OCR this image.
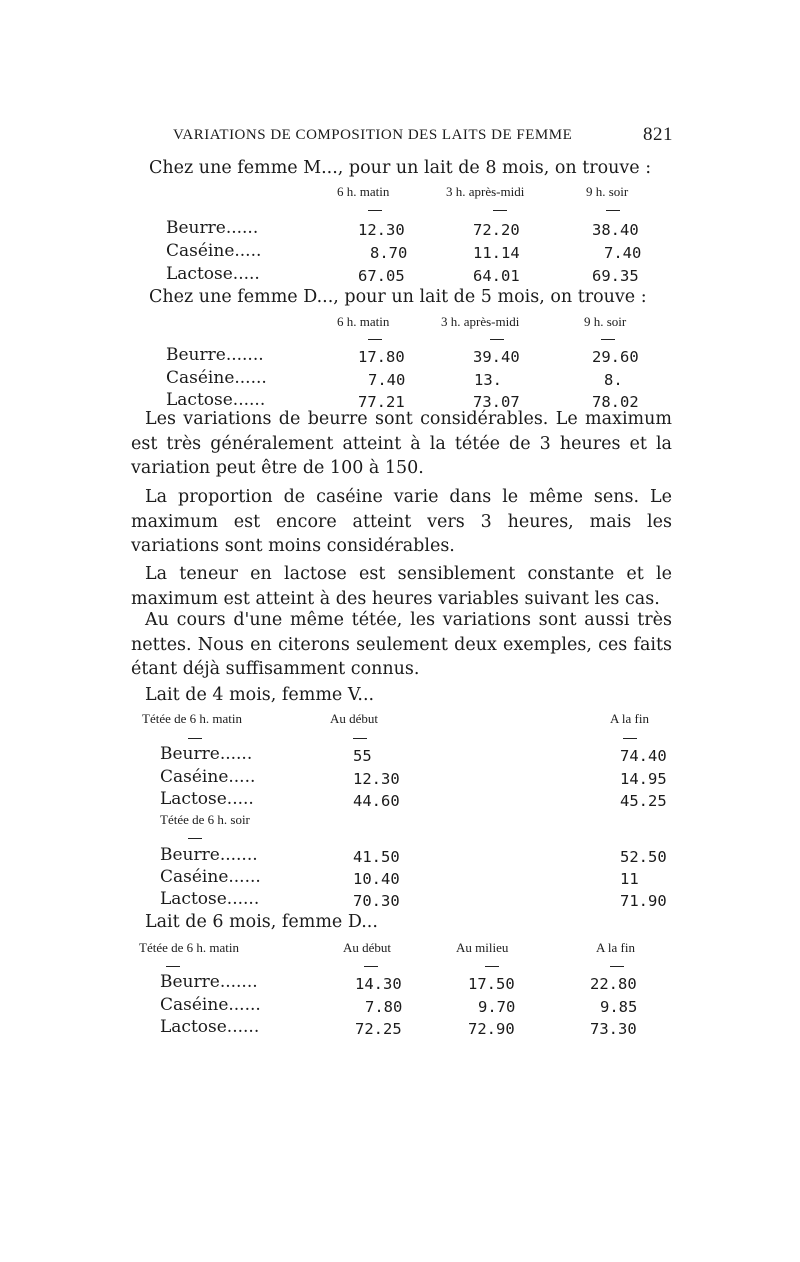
VARIATIONS DE COMPOSITION DES LAITS DE FEMME	821
Chez une femme M..., pour un lait de 8 mois, on trouve :
6 h. matin	3 h. après-midi	9 h. soir
Beurre......	12.30	72.20	38.40
Caséine.....	8.70	11.14	7.40
Lactose.....	67.05	64.01	69.35
Chez une femme D..., pour un lait de 5 mois, on trouve :
6 h. matin	3 h. après-midi	9 h. soir
Beurre.......	17.80	39.40	29.60
Caséine......	7.40	13.	8.
Lactose......	77.21	73.07	78.02
Les variations de beurre sont considérables. Le maximum est très généralement atteint à la tétée de 3 heures et la variation peut être de 100 à 150.
La proportion de caséine varie dans le même sens. Le maximum est encore atteint vers 3 heures, mais les variations sont moins considérables.
La teneur en lactose est sensiblement constante et le maximum est atteint à des heures variables suivant les cas.
Au cours d'une même tétée, les variations sont aussi très nettes. Nous en citerons seulement deux exemples, ces faits étant déjà suffisamment connus.
Lait de 4 mois, femme V...
Tétée de 6 h. matin	Au début	A la fin
Beurre......	55	74.40
Caséine.....	12.30	14.95
Lactose.....	44.60	45.25
Tétée de 6 h. soir
Beurre.......	41.50	52.50
Caséine......	10.40	11
Lactose......	70.30	71.90
Lait de 6 mois, femme D...
Tétée de 6 h. matin	Au début	Au milieu	A la fin
Beurre.......	14.30	17.50	22.80
Caséine......	7.80	9.70	9.85
Lactose......	72.25	72.90	73.30
